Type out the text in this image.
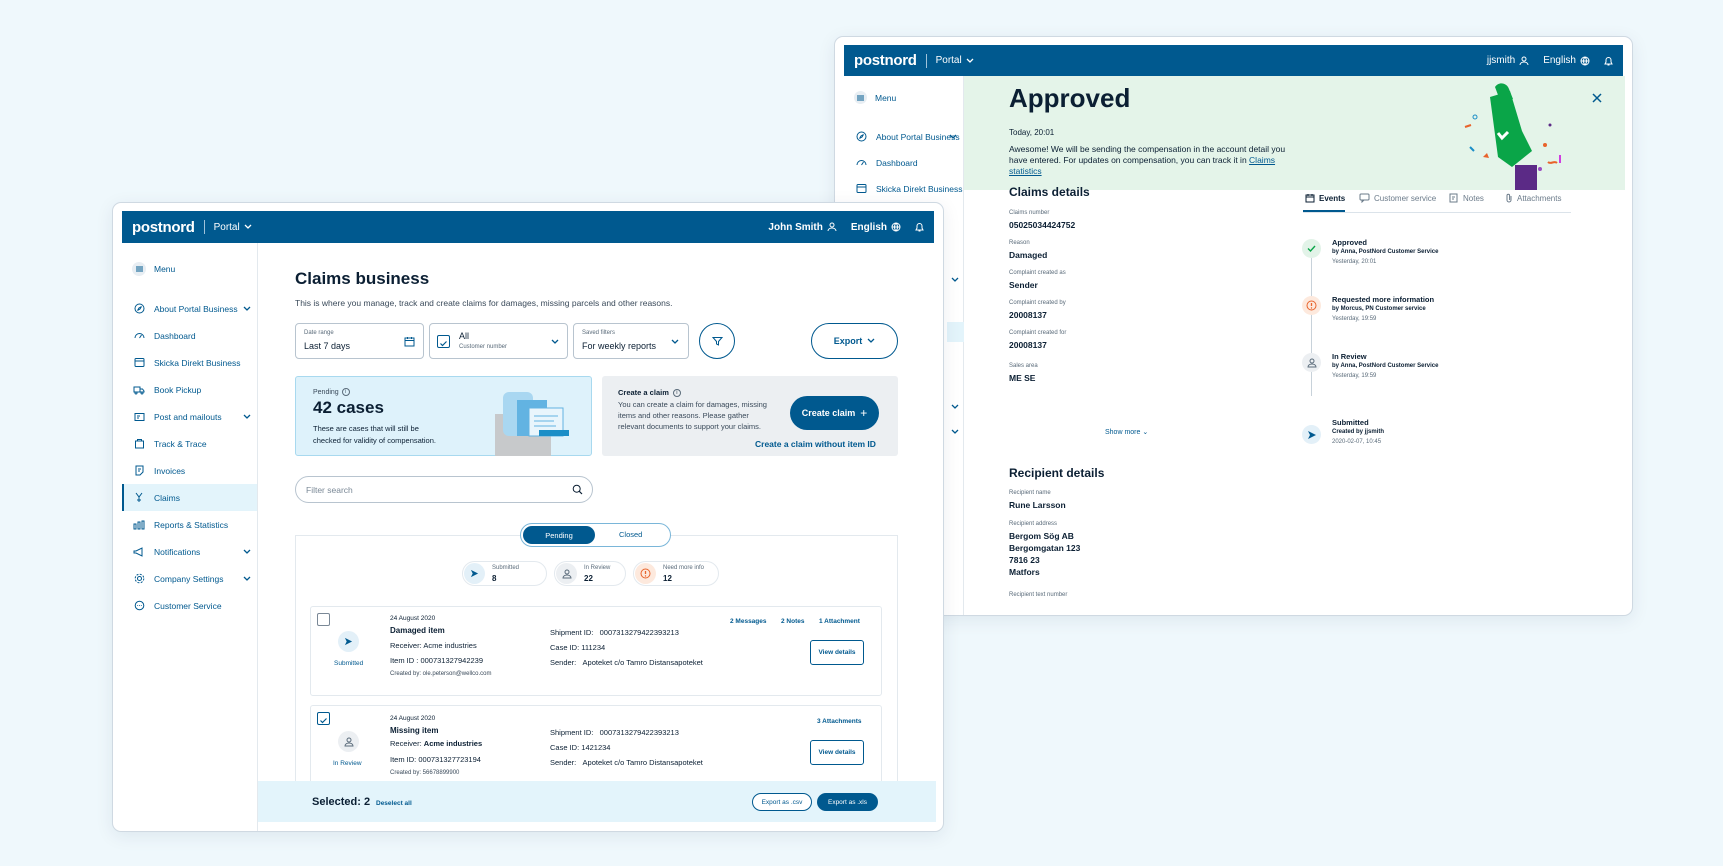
postnord Portal	jjsmith	English
Menu
About Portal Business
Dashboard
Skicka Direkt Business
Approved
Today, 20:01
Awesome! We will be sending the compensation in the account detail you
have entered. For updates on compensation, you can track it in Claims
statistics
Claims details
Claims number
05025034424752
Reason
Damaged
Complaint created as
Sender
Complaint created by
20008137
Complaint created for
20008137
Sales area
ME SE
Show more ⌄
Recipient details
Recipient name
Rune Larsson
Recipient address
Bergom Sög AB
Bergomgatan 123
7816 23
Matfors
Recipient text number
Events	Customer service	Notes	Attachments
Approved
by Anna, PostNord Customer Service
Yesterday, 20:01
Requested more information
by Morcus, PN Customer service
Yesterday, 19:59
In Review
by Anna, PostNord Customer Service
Yesterday, 19:59
Submitted
Created by jjsmith
2020-02-07, 10:45
postnord Portal	John Smith	English
Menu
About Portal Business
Dashboard
Skicka Direkt Business
Book Pickup
Post and mailouts
Track & Trace
Invoices
Claims
Reports & Statistics
Notifications
Company Settings
Customer Service
Claims business
This is where you manage, track and create claims for damages, missing parcels and other reasons.
Date range
Last 7 days
All
Customer number
Saved filters
For weekly reports	Export
Pending	i
42 cases
These are cases that will still be
checked for validity of compensation.
Create a claim	i
You can create a claim for damages, missing
items and other reasons. Please gather
relevant documents to support your claims.
Create claim +
Create a claim without item ID
Filter search
Pending	Closed
Submitted
8
In Review
22
Need more info
12
Submitted
24 August 2020
Damaged item
Receiver: Acme industries
Item ID : 000731327942239
Created by: ole.peterson@wellco.com
Shipment ID: 0007313279422393213
Case ID: 111234
Sender: Apoteket c/o Tamro Distansapoteket
2 Messages 2 Notes 1 Attachment
View details
In Review
24 August 2020
Missing item
Receiver: Acme industries
Item ID: 000731327723194
Created by: 56678899900
Shipment ID: 0007313279422393213
Case ID: 1421234
Sender: Apoteket c/o Tamro Distansapoteket
3 Attachments
View details
Selected: 2 Deselect all	Export as .csv	Export as .xls
